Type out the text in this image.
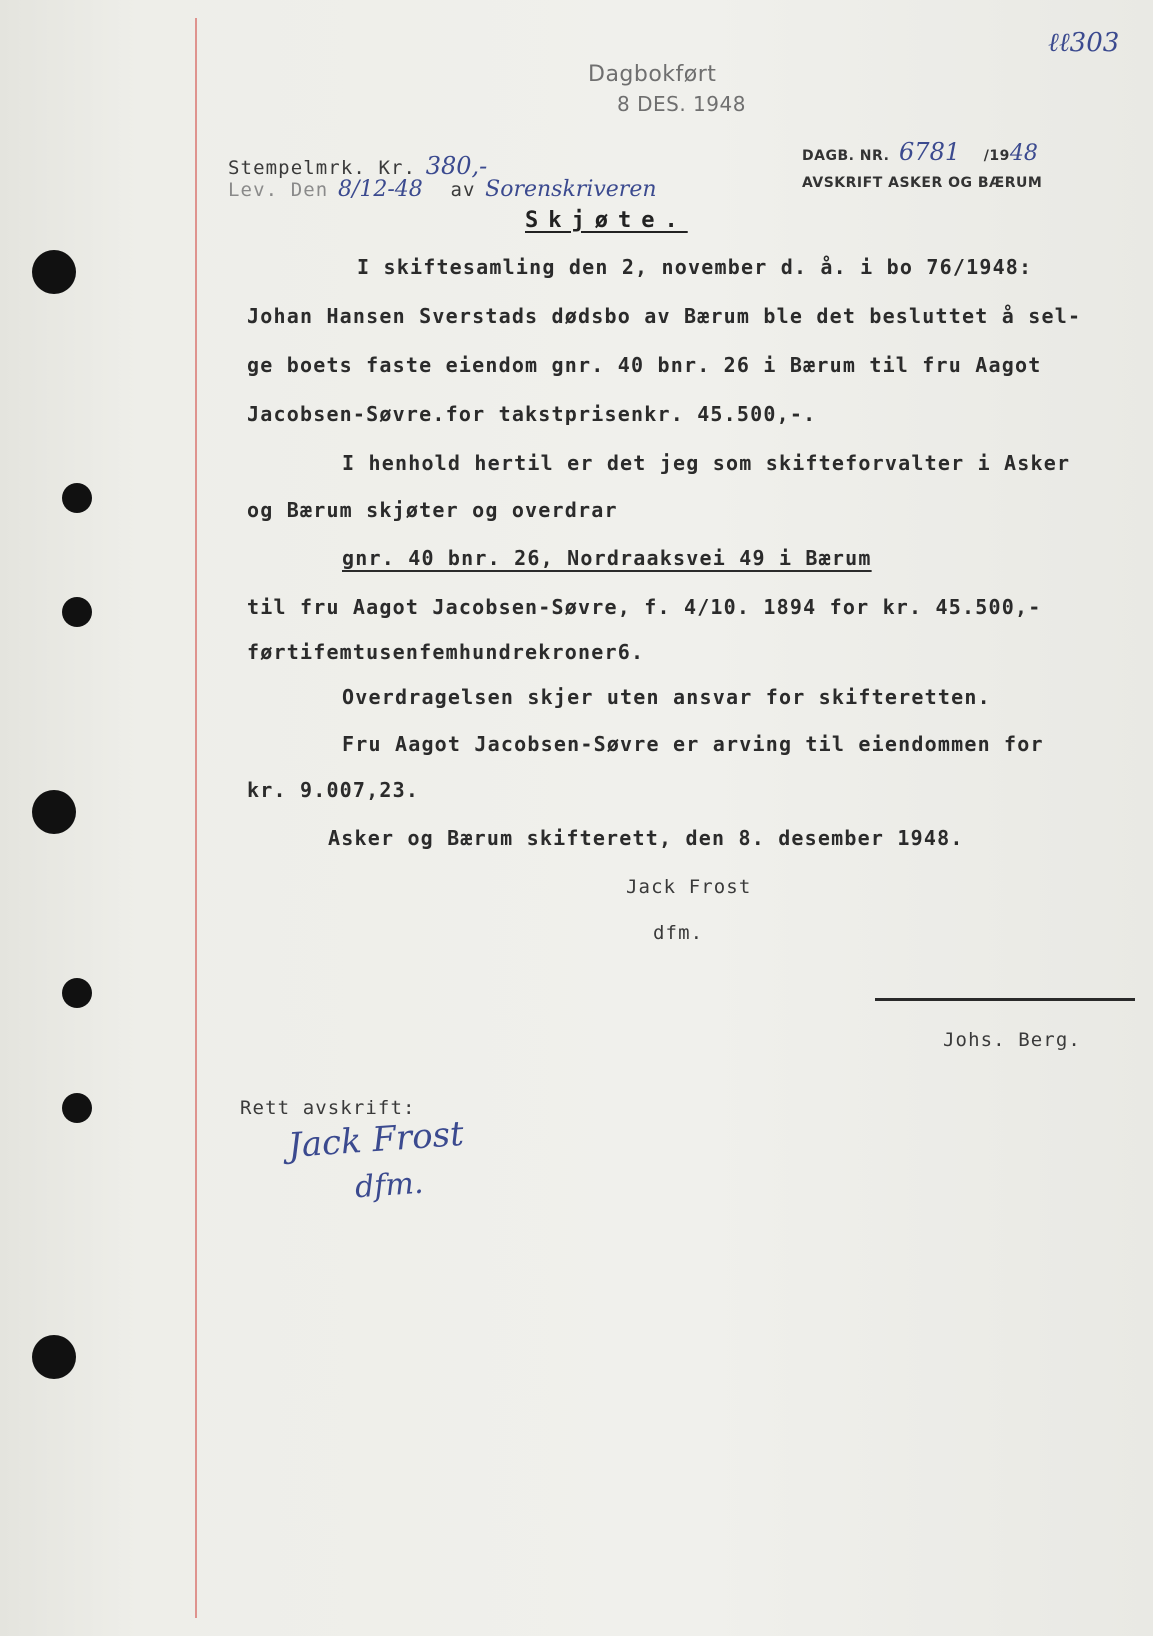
ℓℓ303
Dagbokført
8 DES. 1948
DAGB. NR. 6781 /1948
AVSKRIFT ASKER OG BÆRUM
Stempelmrk. Kr. 380,-
Lev. Den 8/12-48 av Sorenskriveren
Skjøte.
I skiftesamling den 2, november d. å. i bo 76/1948:
Johan Hansen Sverstads dødsbo av Bærum ble det besluttet å sel-
ge boets faste eiendom gnr. 40 bnr. 26 i Bærum til fru Aagot
Jacobsen-Søvre.for takstprisenkr. 45.500,-.
I henhold hertil er det jeg som skifteforvalter i Asker
og Bærum skjøter og overdrar
gnr. 40 bnr. 26, Nordraaksvei 49 i Bærum
til fru Aagot Jacobsen-Søvre, f. 4/10. 1894 for kr. 45.500,-
førtifemtusenfemhundrekroner6.
Overdragelsen skjer uten ansvar for skifteretten.
Fru Aagot Jacobsen-Søvre er arving til eiendommen for
kr. 9.007,23.
Asker og Bærum skifterett, den 8. desember 1948.
Jack Frost
dfm.
Johs. Berg.
Rett avskrift:
Jack Frost
dfm.
